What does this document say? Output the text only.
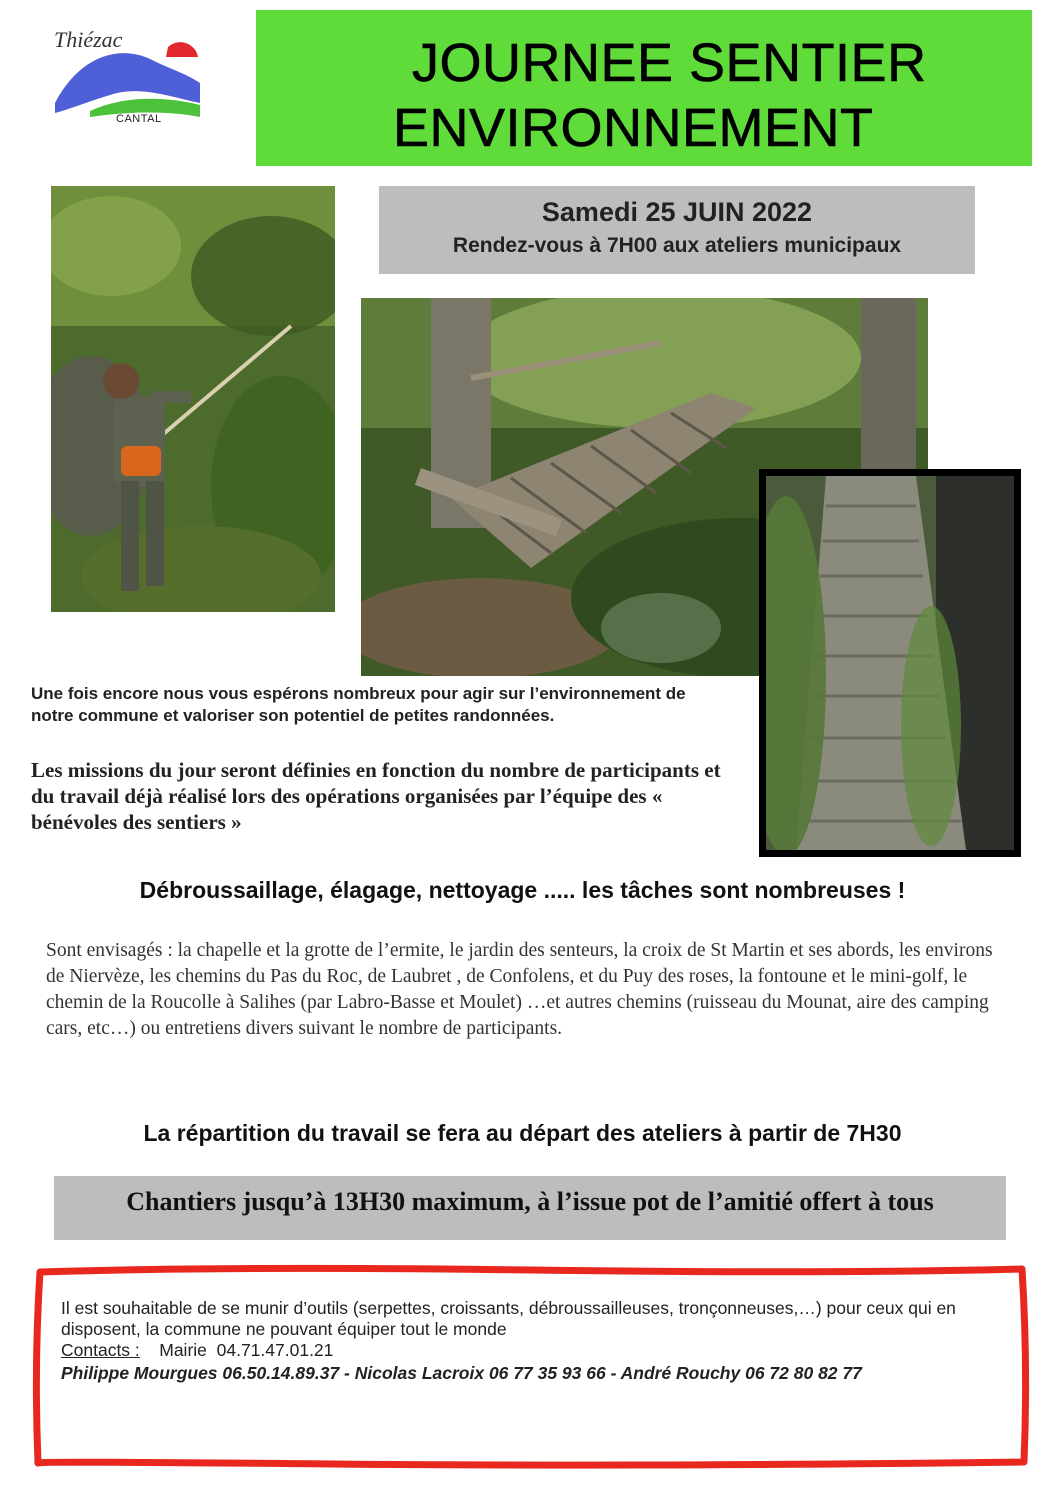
Thiézac
CANTAL
JOURNEE SENTIER
ENVIRONNEMENT
Samedi 25 JUIN 2022
Rendez-vous à 7H00 aux ateliers municipaux
Une fois encore nous vous espérons nombreux pour agir sur l’environnement de notre commune et valoriser son potentiel de petites randonnées.
Les missions du jour seront définies en fonction du nombre de participants et du travail déjà réalisé lors des opérations organisées par l’équipe des « bénévoles des sentiers »
Débroussaillage, élagage, nettoyage ..... les tâches sont nombreuses !
Sont envisagés : la chapelle et la grotte de l’ermite, le jardin des senteurs, la croix de St Martin et ses abords, les environs de Niervèze, les chemins du Pas du Roc, de Laubret , de Confolens, et du Puy des roses, la fontoune et le mini-golf, le chemin de la Roucolle à Salihes (par Labro-Basse et Moulet) …et autres chemins (ruisseau du Mounat, aire des camping cars, etc…) ou entretiens divers suivant le nombre de participants.
La répartition du travail se fera au départ des ateliers à partir de 7H30
Chantiers jusqu’à 13H30 maximum, à l’issue pot de l’amitié offert à tous
Il est souhaitable de se munir d’outils (serpettes, croissants, débroussailleuses, tronçonneuses,…) pour ceux qui en disposent, la commune ne pouvant équiper tout le monde
Contacts :    Mairie  04.71.47.01.21
Philippe Mourgues 06.50.14.89.37 - Nicolas Lacroix 06 77 35 93 66 - André Rouchy 06 72 80 82 77
